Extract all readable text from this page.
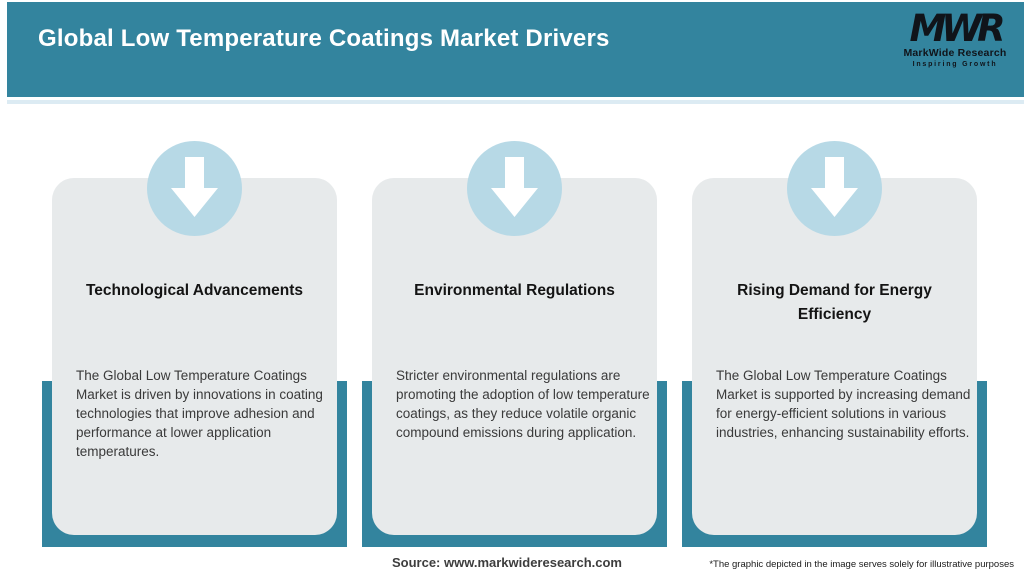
Global Low Temperature Coatings Market Drivers	MWR
MarkWide Research
Inspiring Growth
Technological Advancements
The Global Low Temperature Coatings Market is driven by innovations in coating technologies that improve adhesion and performance at lower application temperatures.
Environmental Regulations
Stricter environmental regulations are promoting the adoption of low temperature coatings, as they reduce volatile organic compound emissions during application.
Rising Demand for Energy Efficiency
The Global Low Temperature Coatings Market is supported by increasing demand for energy-efficient solutions in various industries, enhancing sustainability efforts.
Source: www.markwideresearch.com	*The graphic depicted in the image serves solely for illustrative purposes
